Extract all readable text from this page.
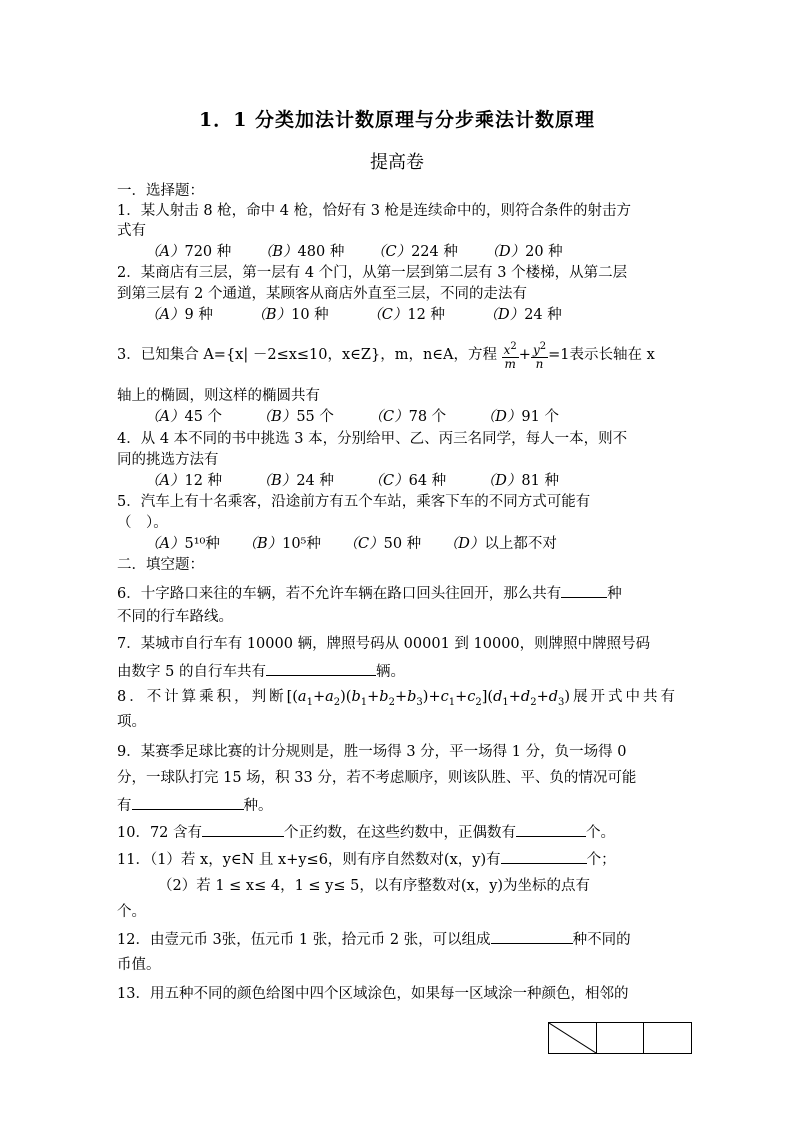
1．1 分类加法计数原理与分步乘法计数原理
提高卷
一．选择题：
1．某人射击 8 枪，命中 4 枪，恰好有 3 枪是连续命中的，则符合条件的射击方
式有
（A）720 种 （B）480 种 （C）224 种 （D）20 种
2．某商店有三层，第一层有 4 个门，从第一层到第二层有 3 个楼梯，从第二层
到第三层有 2 个通道，某顾客从商店外直至三层，不同的走法有
（A）9 种	（B）10 种	（C）12 种	（D）24 种
3．已知集合 A={x| －2≤x≤10，x∈Z}，m，n∈A，方程 $\frac{x^2}{m} + \frac{y^2}{n} =1$表示长轴在 x
轴上的椭圆，则这样的椭圆共有
（A）45 个 （B）55 个 （C）78 个 （D）91 个
4．从 4 本不同的书中挑选 3 本，分别给甲、乙、丙三名同学，每人一本，则不
同的挑选方法有
（A）12 种 （B）24 种 （C）64 种 （D）81 种
5．汽车上有十名乘客，沿途前方有五个车站，乘客下车的不同方式可能有
（　）。
（A）5¹⁰种 （B）10⁵种 （C）50 种 （D）以上都不对
二．填空题：
6．十字路口来往的车辆，若不允许车辆在路口回头往回开，那么共有	种
不同的行车路线。
7．某城市自行车有 10000 辆，牌照号码从 00001 到 10000，则牌照中牌照号码
由数字 5 的自行车共有	辆。
8．不计算乘积，判断$[(a_1+a_2)(b_1+b_2+b_3)+c_1+c_2](d_1+d_2+d_3)$展开式中共有
项。
9．某赛季足球比赛的计分规则是，胜一场得 3 分，平一场得 1 分，负一场得 0
分，一球队打完 15 场，积 33 分，若不考虑顺序，则该队胜、平、负的情况可能
有	种。
10．72 含有	个正约数，在这些约数中，正偶数有	个。
11．（1）若 x，y∈N 且 x+y≤6，则有序自然数对(x，y)有	个；
（2）若 1 ≤ x≤ 4，1 ≤ y≤ 5，以有序整数对(x，y)为坐标的点有
个。
12．由壹元币 3张，伍元币 1 张，拾元币 2 张，可以组成	种不同的
币值。
13．用五种不同的颜色给图中四个区域涂色，如果每一区域涂一种颜色，相邻的
